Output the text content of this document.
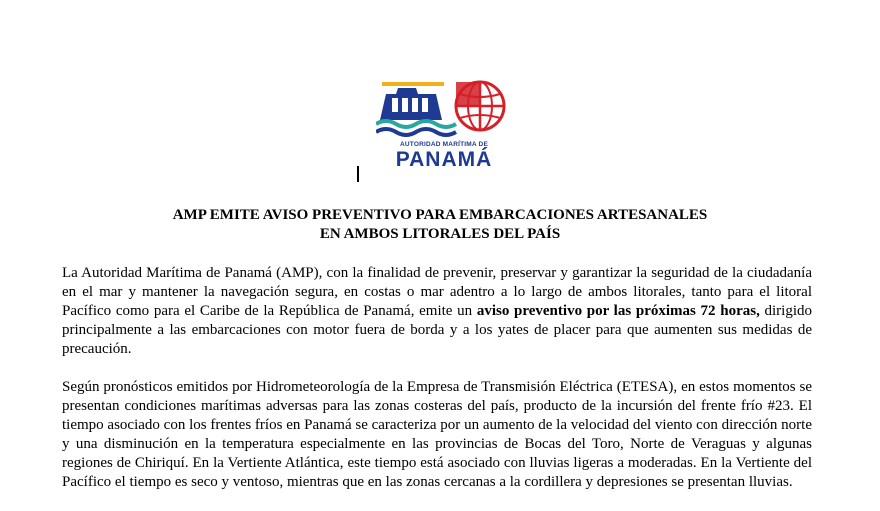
AUTORIDAD MARÍTIMA DE
PANAMÁ
AMP EMITE AVISO PREVENTIVO PARA EMBARCACIONES ARTESANALES
EN AMBOS LITORALES DEL PAÍS

La Autoridad Marítima de Panamá (AMP), con la finalidad de prevenir, preservar y garantizar la seguridad de la ciudadanía en el mar y mantener la navegación segura, en costas o mar adentro a lo largo de ambos litorales, tanto para el litoral Pacífico como para el Caribe de la República de Panamá, emite un aviso preventivo por las próximas 72 horas, dirigido principalmente a las embarcaciones con motor fuera de borda y a los yates de placer para que aumenten sus medidas de precaución.

Según pronósticos emitidos por Hidrometeorología de la Empresa de Transmisión Eléctrica (ETESA), en estos momentos se presentan condiciones marítimas adversas para las zonas costeras del país, producto de la incursión del frente frío #23. El tiempo asociado con los frentes fríos en Panamá se caracteriza por un aumento de la velocidad del viento con dirección norte y una disminución en la temperatura especialmente en las provincias de Bocas del Toro, Norte de Veraguas y algunas regiones de Chiriquí. En la Vertiente Atlántica, este tiempo está asociado con lluvias ligeras a moderadas. En la Vertiente del Pacífico el tiempo es seco y ventoso, mientras que en las zonas cercanas a la cordillera y depresiones se presentan lluvias.
